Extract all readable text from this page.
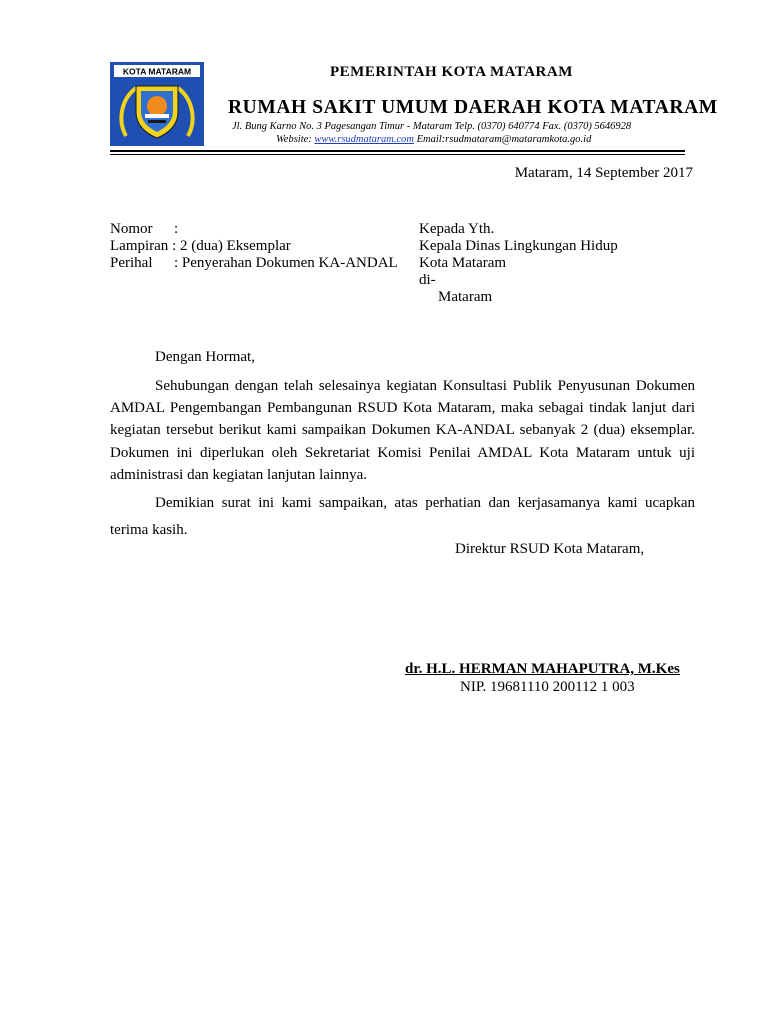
KOTA MATARAM	PEMERINTAH KOTA MATARAM
RUMAH SAKIT UMUM DAERAH KOTA MATARAM
Jl. Bung Karno No. 3 Pagesangan Timur - Mataram Telp. (0370) 640774 Fax. (0370) 5646928
Website: www.rsudmataram.com Email:rsudmataram@mataramkota.go.id
Mataram, 14 September 2017
Nomor :
Lampiran : 2 (dua) Eksemplar
Perihal : Penyerahan Dokumen KA-ANDAL
Kepada Yth.
Kepala Dinas Lingkungan Hidup
Kota Mataram
di-
Mataram
Dengan Hormat,

Sehubungan dengan telah selesainya kegiatan Konsultasi Publik Penyusunan Dokumen AMDAL Pengembangan Pembangunan RSUD Kota Mataram, maka sebagai tindak lanjut dari kegiatan tersebut berikut kami sampaikan Dokumen KA-ANDAL sebanyak 2 (dua) eksemplar. Dokumen ini diperlukan oleh Sekretariat Komisi Penilai AMDAL Kota Mataram untuk uji administrasi dan kegiatan lanjutan lainnya.

Demikian surat ini kami sampaikan, atas perhatian dan kerjasamanya kami ucapkan terima kasih.

Direktur RSUD Kota Mataram,
dr. H.L. HERMAN MAHAPUTRA, M.Kes
NIP. 19681110 200112 1 003
